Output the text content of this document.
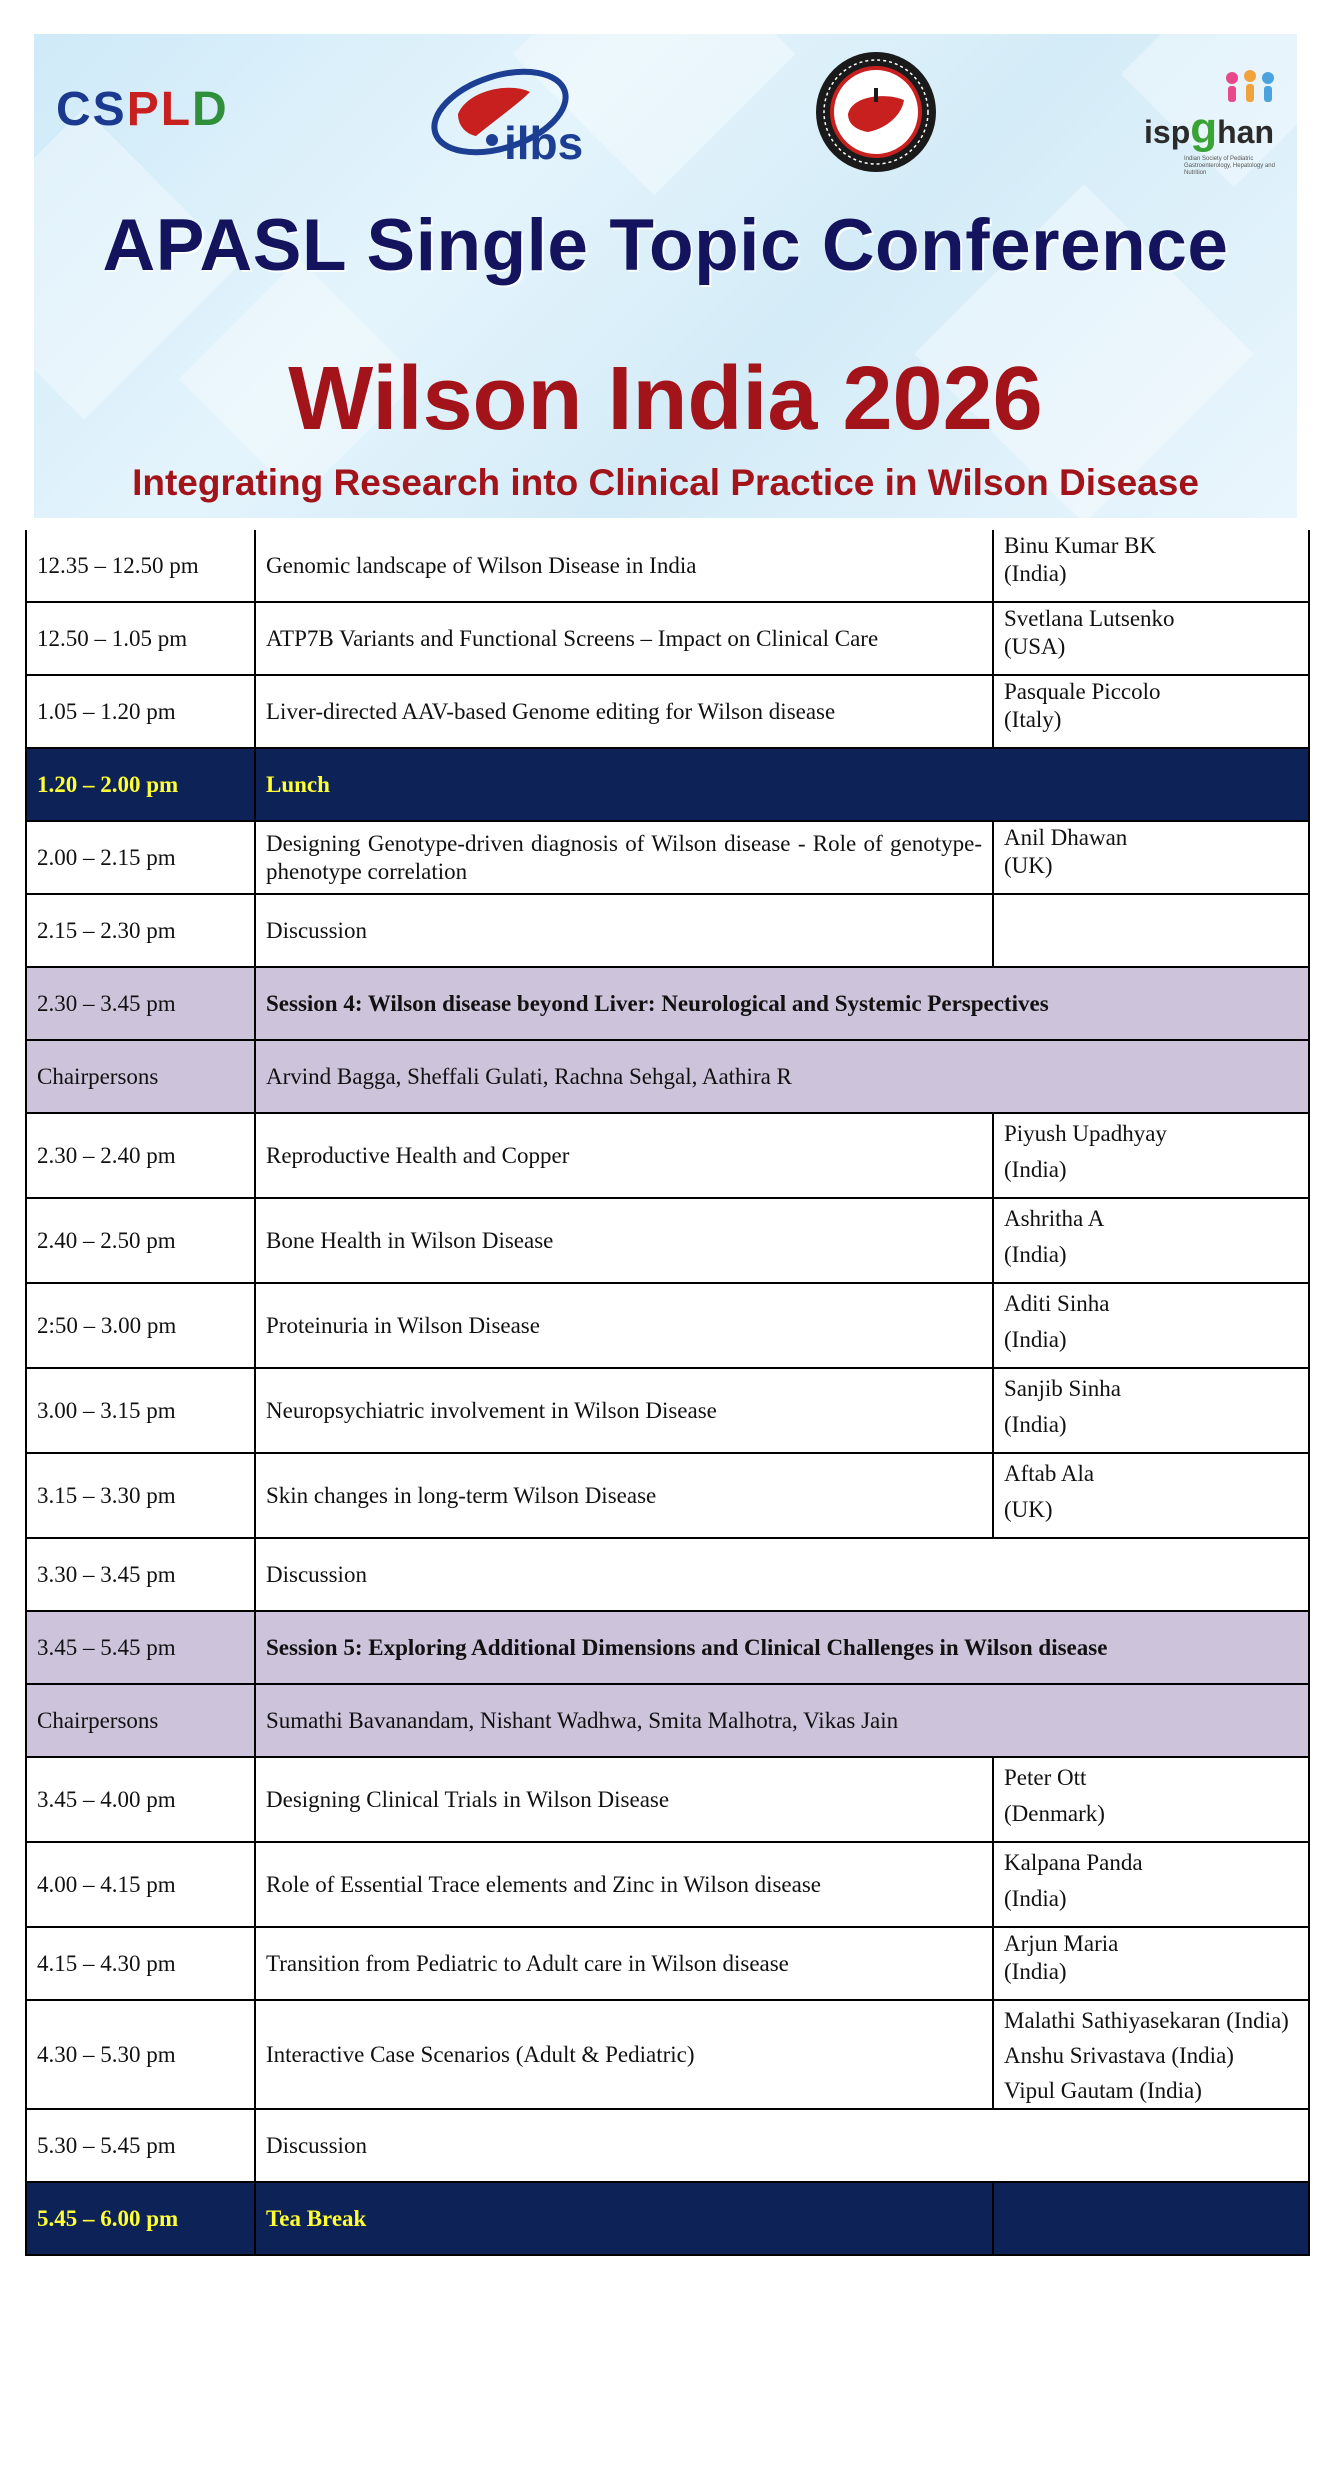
CSPLD
ilbs	ispghan
Indian Society of Pediatric Gastroenterology, Hepatology and Nutrition
APASL Single Topic Conference
Wilson India 2026
Integrating Research into Clinical Practice in Wilson Disease
12.35 – 12.50 pm	Genomic landscape of Wilson Disease in India	Binu Kumar BK
(India)

12.50 – 1.05 pm	ATP7B Variants and Functional Screens – Impact on Clinical Care	Svetlana Lutsenko
(USA)

1.05 – 1.20 pm	Liver-directed AAV-based Genome editing for Wilson disease	Pasquale Piccolo
(Italy)

1.20 – 2.00 pm	Lunch	
2.00 – 2.15 pm	Designing Genotype-driven diagnosis of Wilson disease - Role of genotype-phenotype correlation	Anil Dhawan
(UK)

2.15 – 2.30 pm	Discussion	
2.30 – 3.45 pm	Session 4: Wilson disease beyond Liver: Neurological and Systemic Perspectives	
Chairpersons	Arvind Bagga, Sheffali Gulati, Rachna Sehgal, Aathira R	
2.30 – 2.40 pm	Reproductive Health and Copper	Piyush Upadhyay
(India)

2.40 – 2.50 pm	Bone Health in Wilson Disease	Ashritha A
(India)

2:50 – 3.00 pm	Proteinuria in Wilson Disease	Aditi Sinha
(India)

3.00 – 3.15 pm	Neuropsychiatric involvement in Wilson Disease	Sanjib Sinha
(India)

3.15 – 3.30 pm	Skin changes in long-term Wilson Disease	Aftab Ala
(UK)

3.30 – 3.45 pm	Discussion	
3.45 – 5.45 pm	Session 5: Exploring Additional Dimensions and Clinical Challenges in Wilson disease	
Chairpersons	Sumathi Bavanandam, Nishant Wadhwa, Smita Malhotra, Vikas Jain	
3.45 – 4.00 pm	Designing Clinical Trials in Wilson Disease	Peter Ott
(Denmark)

4.00 – 4.15 pm	Role of Essential Trace elements and Zinc in Wilson disease	Kalpana Panda
(India)

4.15 – 4.30 pm	Transition from Pediatric to Adult care in Wilson disease	Arjun Maria
(India)

4.30 – 5.30 pm	Interactive Case Scenarios (Adult & Pediatric)	Malathi Sathiyasekaran (India)
Anshu Srivastava (India)
Vipul Gautam (India)

5.30 – 5.45 pm	Discussion	
5.45 – 6.00 pm	Tea Break	
